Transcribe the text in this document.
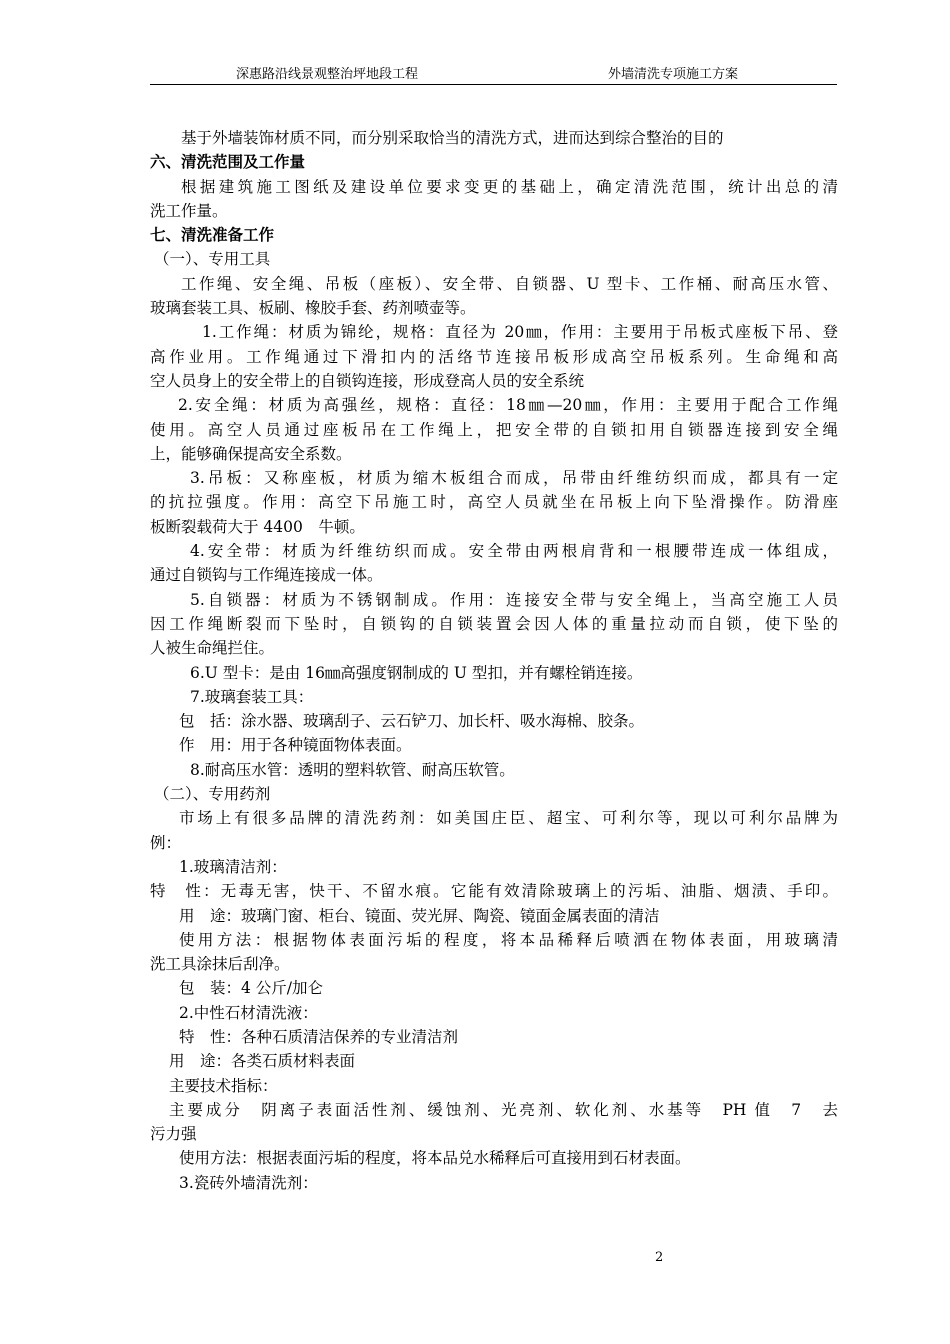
深惠路沿线景观整治坪地段工程	外墙清洗专项施工方案
基于外墙装饰材质不同，而分别采取恰当的清洗方式，进而达到综合整治的目的
六、清洗范围及工作量
根据建筑施工图纸及建设单位要求变更的基础上，确定清洗范围，统计出总的清
洗工作量。
七、清洗准备工作
（一）、专用工具
工作绳、安全绳、吊板（座板）、安全带、自锁器、U 型卡、工作桶、耐高压水管、
玻璃套装工具、板刷、橡胶手套、药剂喷壶等。
1.工作绳：材质为锦纶，规格：直径为 20㎜，作用：主要用于吊板式座板下吊、登
高作业用。工作绳通过下滑扣内的活络节连接吊板形成高空吊板系列。生命绳和高
空人员身上的安全带上的自锁钩连接，形成登高人员的安全系统
2.安全绳：材质为高强丝，规格：直径：18㎜—20㎜，作用：主要用于配合工作绳
使用。高空人员通过座板吊在工作绳上，把安全带的自锁扣用自锁器连接到安全绳
上，能够确保提高安全系数。
3.吊板：又称座板，材质为缩木板组合而成，吊带由纤维纺织而成，都具有一定
的抗拉强度。作用：高空下吊施工时，高空人员就坐在吊板上向下坠滑操作。防滑座
板断裂载荷大于 4400　牛顿。
4.安全带：材质为纤维纺织而成。安全带由两根肩背和一根腰带连成一体组成，
通过自锁钩与工作绳连接成一体。
5.自锁器：材质为不锈钢制成。作用：连接安全带与安全绳上，当高空施工人员
因工作绳断裂而下坠时，自锁钩的自锁装置会因人体的重量拉动而自锁，使下坠的
人被生命绳拦住。
6.U 型卡：是由 16㎜高强度钢制成的 U 型扣，并有螺栓销连接。
7.玻璃套装工具：
包　括：涂水器、玻璃刮子、云石铲刀、加长杆、吸水海棉、胶条。
作　用：用于各种镜面物体表面。
8.耐高压水管：透明的塑料软管、耐高压软管。
（二）、专用药剂
市场上有很多品牌的清洗药剂：如美国庄臣、超宝、可利尔等，现以可利尔品牌为
例：
1.玻璃清洁剂：
特　性：无毒无害，快干、不留水痕。它能有效清除玻璃上的污垢、油脂、烟渍、手印。
用　途：玻璃门窗、柜台、镜面、荧光屏、陶瓷、镜面金属表面的清洁
使用方法：根据物体表面污垢的程度，将本品稀释后喷洒在物体表面，用玻璃清
洗工具涂抹后刮净。
包　装：4 公斤/加仑
2.中性石材清洗液：
特　性：各种石质清洁保养的专业清洁剂
用　途：各类石质材料表面
主要技术指标：
主要成分　阴离子表面活性剂、缓蚀剂、光亮剂、软化剂、水基等　PH 值　7　去
污力强
使用方法：根据表面污垢的程度，将本品兑水稀释后可直接用到石材表面。
3.瓷砖外墙清洗剂：
2
